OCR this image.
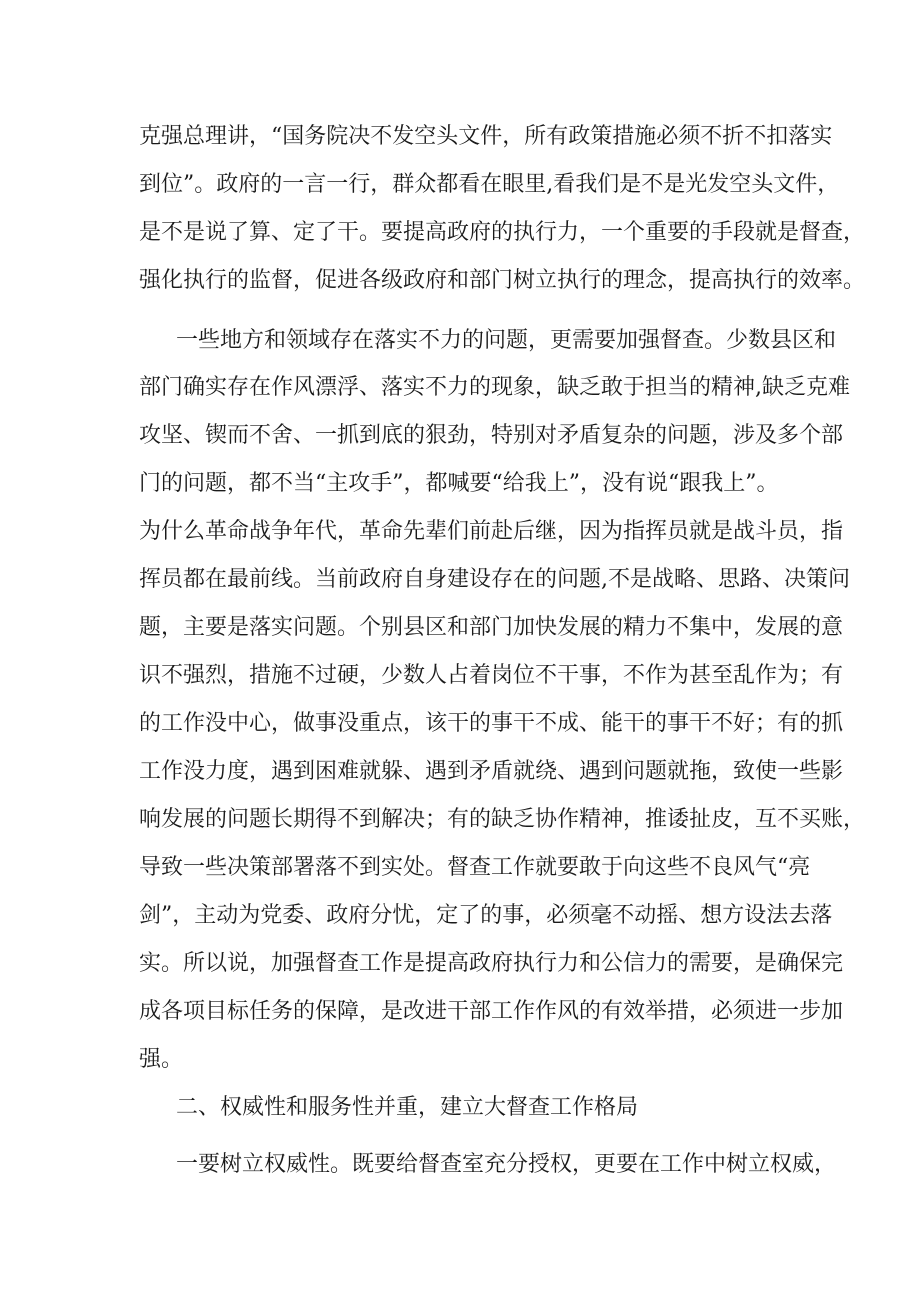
克强总理讲，“国务院决不发空头文件，所有政策措施必须不折不扣落实
到位”。政府的一言一行，群众都看在眼里,看我们是不是光发空头文件，
是不是说了算、定了干。要提高政府的执行力，一个重要的手段就是督查，
强化执行的监督，促进各级政府和部门树立执行的理念，提高执行的效率。
一些地方和领域存在落实不力的问题，更需要加强督查。少数县区和
部门确实存在作风漂浮、落实不力的现象，缺乏敢于担当的精神,缺乏克难
攻坚、锲而不舍、一抓到底的狠劲，特别对矛盾复杂的问题，涉及多个部
门的问题，都不当“主攻手”，都喊要“给我上”，没有说“跟我上”。
为什么革命战争年代，革命先辈们前赴后继，因为指挥员就是战斗员，指
挥员都在最前线。当前政府自身建设存在的问题,不是战略、思路、决策问
题，主要是落实问题。个别县区和部门加快发展的精力不集中，发展的意
识不强烈，措施不过硬，少数人占着岗位不干事，不作为甚至乱作为；有
的工作没中心，做事没重点，该干的事干不成、能干的事干不好；有的抓
工作没力度，遇到困难就躲、遇到矛盾就绕、遇到问题就拖，致使一些影
响发展的问题长期得不到解决；有的缺乏协作精神，推诿扯皮，互不买账，
导致一些决策部署落不到实处。督查工作就要敢于向这些不良风气“亮
剑”，主动为党委、政府分忧，定了的事，必须毫不动摇、想方设法去落
实。所以说，加强督查工作是提高政府执行力和公信力的需要，是确保完
成各项目标任务的保障，是改进干部工作作风的有效举措，必须进一步加
强。
二、权威性和服务性并重，建立大督查工作格局
一要树立权威性。既要给督查室充分授权，更要在工作中树立权威，
